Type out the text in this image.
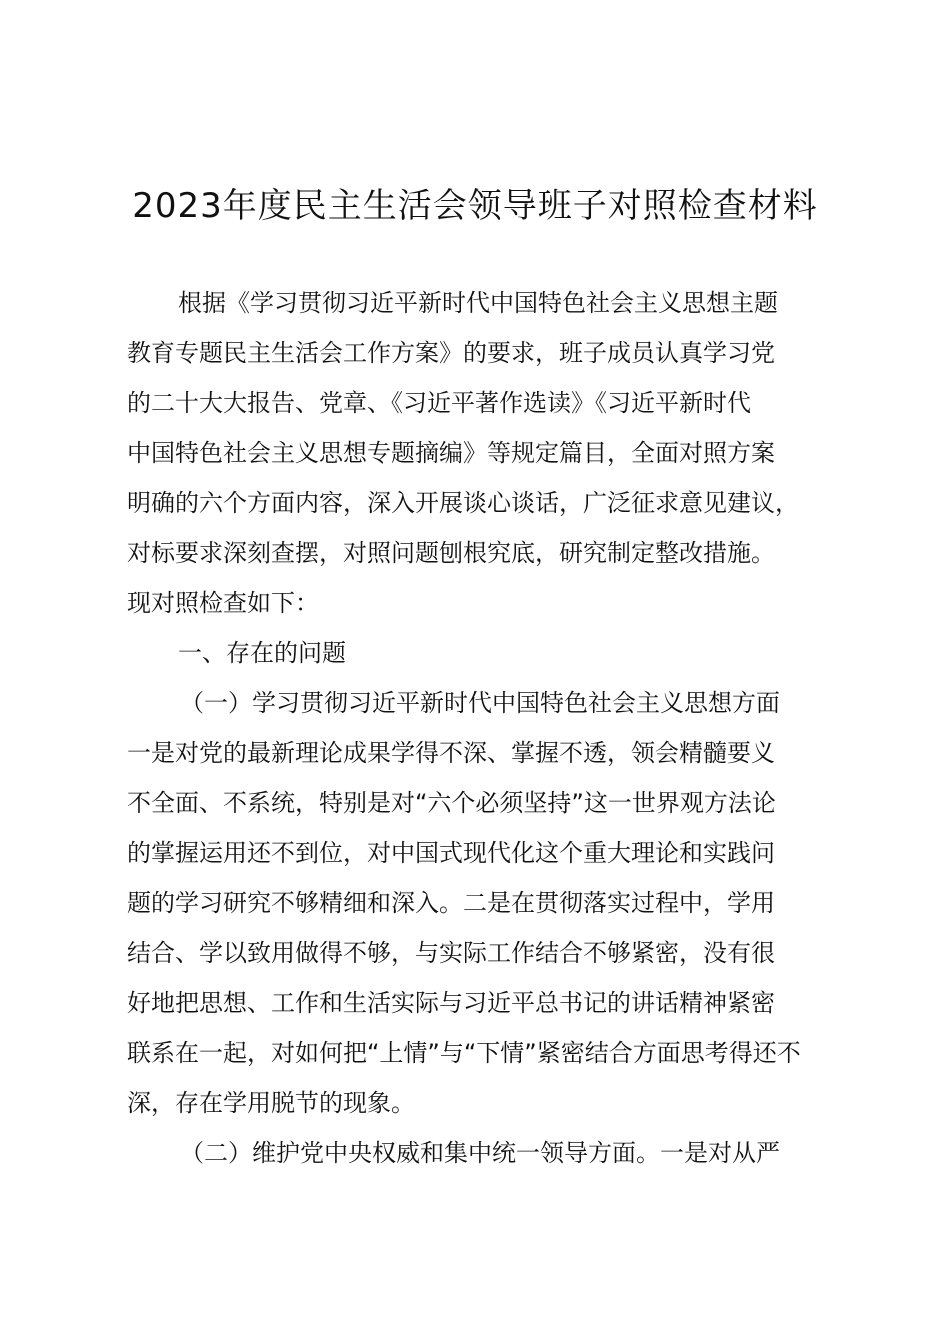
2023年度民主生活会领导班子对照检查材料
根据《学习贯彻习近平新时代中国特色社会主义思想主题
教育专题民主生活会工作方案》的要求，班子成员认真学习党
的二十大大报告、党章、《习近平著作选读》《习近平新时代
中国特色社会主义思想专题摘编》等规定篇目，全面对照方案
明确的六个方面内容，深入开展谈心谈话，广泛征求意见建议，
对标要求深刻查摆，对照问题刨根究底，研究制定整改措施。
现对照检查如下：
一、存在的问题
（一）学习贯彻习近平新时代中国特色社会主义思想方面
一是对党的最新理论成果学得不深、掌握不透，领会精髓要义
不全面、不系统，特别是对“六个必须坚持”这一世界观方法论
的掌握运用还不到位，对中国式现代化这个重大理论和实践问
题的学习研究不够精细和深入。二是在贯彻落实过程中，学用
结合、学以致用做得不够，与实际工作结合不够紧密，没有很
好地把思想、工作和生活实际与习近平总书记的讲话精神紧密
联系在一起，对如何把“上情”与“下情”紧密结合方面思考得还不
深，存在学用脱节的现象。
（二）维护党中央权威和集中统一领导方面。一是对从严
